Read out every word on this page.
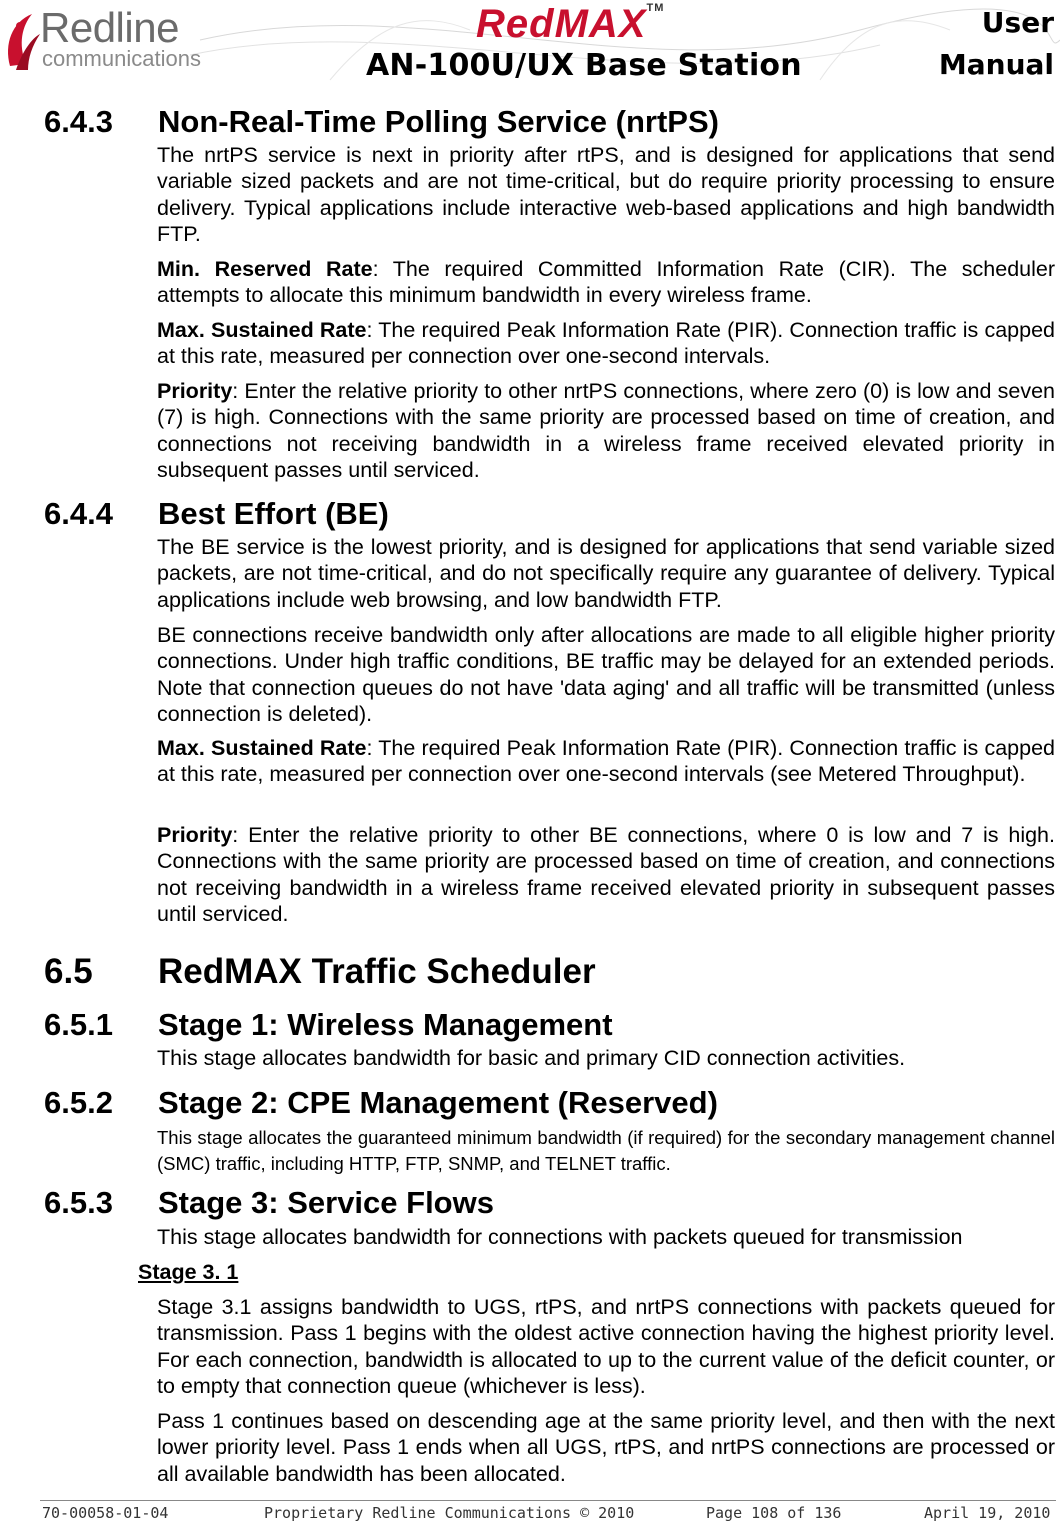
Redline
communications
RedMAX™
AN-100U/UX Base Station
User
Manual
6.4.3 Non-Real-Time Polling Service (nrtPS)

The nrtPS service is next in priority after rtPS, and is designed for applications that send variable sized packets and are not time-critical, but do require priority processing to ensure delivery. Typical applications include interactive web-based applications and high bandwidth FTP.

Min. Reserved Rate: The required Committed Information Rate (CIR). The scheduler attempts to allocate this minimum bandwidth in every wireless frame.

Max. Sustained Rate: The required Peak Information Rate (PIR). Connection traffic is capped at this rate, measured per connection over one-second intervals.

Priority: Enter the relative priority to other nrtPS connections, where zero (0) is low and seven (7) is high. Connections with the same priority are processed based on time of creation, and connections not receiving bandwidth in a wireless frame received elevated priority in subsequent passes until serviced.

6.4.4 Best Effort (BE)

The BE service is the lowest priority, and is designed for applications that send variable sized packets, are not time-critical, and do not specifically require any guarantee of delivery. Typical applications include web browsing, and low bandwidth FTP.

BE connections receive bandwidth only after allocations are made to all eligible higher priority connections. Under high traffic conditions, BE traffic may be delayed for an extended periods. Note that connection queues do not have 'data aging' and all traffic will be transmitted (unless connection is deleted).

Max. Sustained Rate: The required Peak Information Rate (PIR). Connection traffic is capped at this rate, measured per connection over one-second intervals (see Metered Throughput).

Priority: Enter the relative priority to other BE connections, where 0 is low and 7 is high. Connections with the same priority are processed based on time of creation, and connections not receiving bandwidth in a wireless frame received elevated priority in subsequent passes until serviced.

6.5 RedMAX Traffic Scheduler
6.5.1 Stage 1: Wireless Management

This stage allocates bandwidth for basic and primary CID connection activities.

6.5.2 Stage 2: CPE Management (Reserved)

This stage allocates the guaranteed minimum bandwidth (if required) for the secondary management channel (SMC) traffic, including HTTP, FTP, SNMP, and TELNET traffic.

6.5.3 Stage 3: Service Flows

This stage allocates bandwidth for connections with packets queued for transmission

Stage 3. 1

Stage 3.1 assigns bandwidth to UGS, rtPS, and nrtPS connections with packets queued for transmission. Pass 1 begins with the oldest active connection having the highest priority level. For each connection, bandwidth is allocated to up to the current value of the deficit counter, or to empty that connection queue (whichever is less).

Pass 1 continues based on descending age at the same priority level, and then with the next lower priority level. Pass 1 ends when all UGS, rtPS, and nrtPS connections are processed or all available bandwidth has been allocated.

70-00058-01-04	Proprietary Redline Communications © 2010	Page 108 of 136	April 19, 2010
